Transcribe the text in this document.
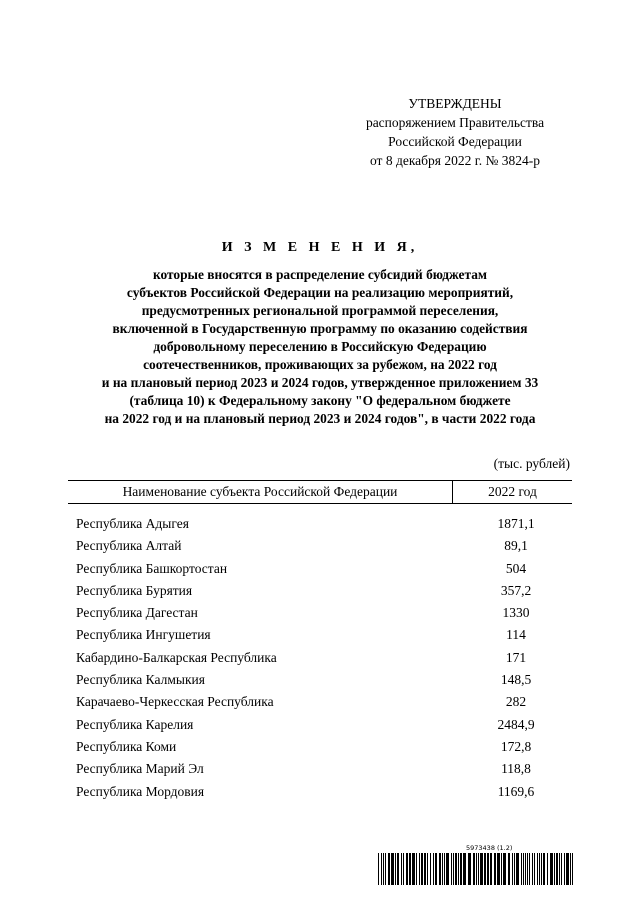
УТВЕРЖДЕНЫ
распоряжением Правительства
Российской Федерации
от 8 декабря 2022 г. № 3824-р
И З М Е Н Е Н И Я,
которые вносятся в распределение субсидий бюджетам
субъектов Российской Федерации на реализацию мероприятий,
предусмотренных региональной программой переселения,
включенной в Государственную программу по оказанию содействия
добровольному переселению в Российскую Федерацию
соотечественников, проживающих за рубежом, на 2022 год
и на плановый период 2023 и 2024 годов, утвержденное приложением 33
(таблица 10) к Федеральному закону "О федеральном бюджете
на 2022 год и на плановый период 2023 и 2024 годов", в части 2022 года
(тыс. рублей)
Наименование субъекта Российской Федерации	2022 год
Республика Адыгея	1871,1
Республика Алтай	89,1
Республика Башкортостан	504
Республика Бурятия	357,2
Республика Дагестан	1330
Республика Ингушетия	114
Кабардино-Балкарская Республика	171
Республика Калмыкия	148,5
Карачаево-Черкесская Республика	282
Республика Карелия	2484,9
Республика Коми	172,8
Республика Марий Эл	118,8
Республика Мордовия	1169,6
5973438 (1.2)
